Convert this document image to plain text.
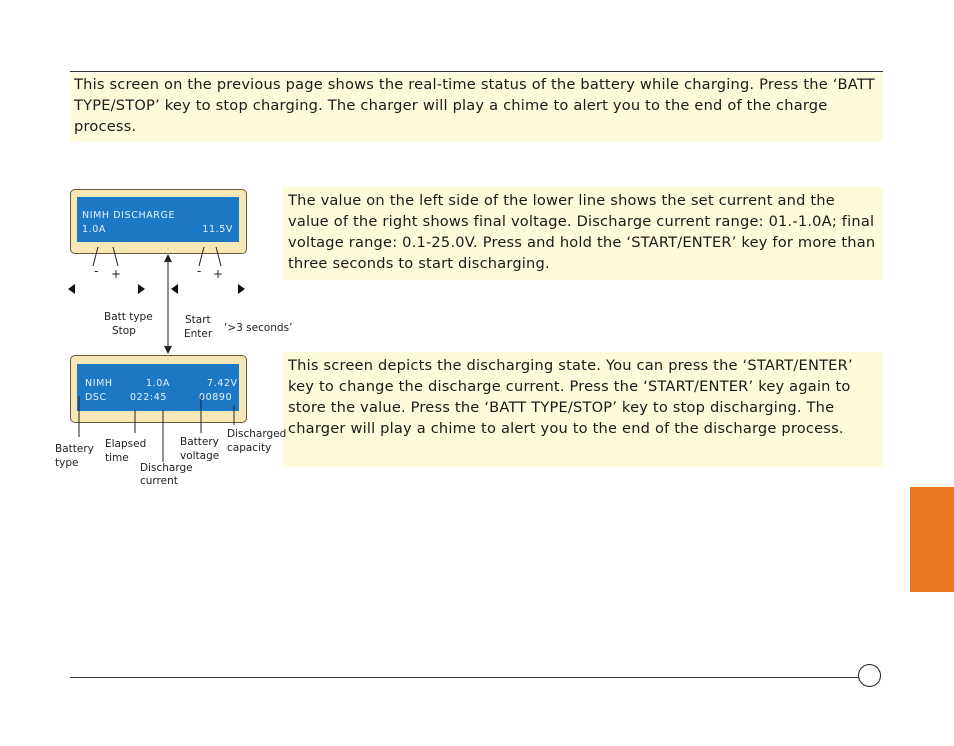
This screen on the previous page shows the real-time status of the battery while charging. Press the ‘BATT TYPE/STOP’ key to stop charging. The charger will play a chime to alert you to the end of the charge process.
The value on the left side of the lower line shows the set current and the value of the right shows final voltage. Discharge current range: 01.-1.0A; final voltage range: 0.1-25.0V. Press and hold the ‘START/ENTER’ key for more than three seconds to start discharging.
This screen depicts the discharging state. You can press the ‘START/ENTER’ key to change the discharge current. Press the ‘START/ENTER’ key again to store the value. Press the ‘BATT TYPE/STOP’ key to stop discharging. The charger will play a chime to alert you to the end of the discharge process.
NIMH DISCHARGE
1.0A	11.5V
NIMH	1.0A	7.42V
DSC 022:45	00890
- +	- +
Batt type
Stop
Start
Enter ‘>3 seconds’
Battery
type
Elapsed
time
Discharge
current
Battery
voltage
Discharged
capacity
